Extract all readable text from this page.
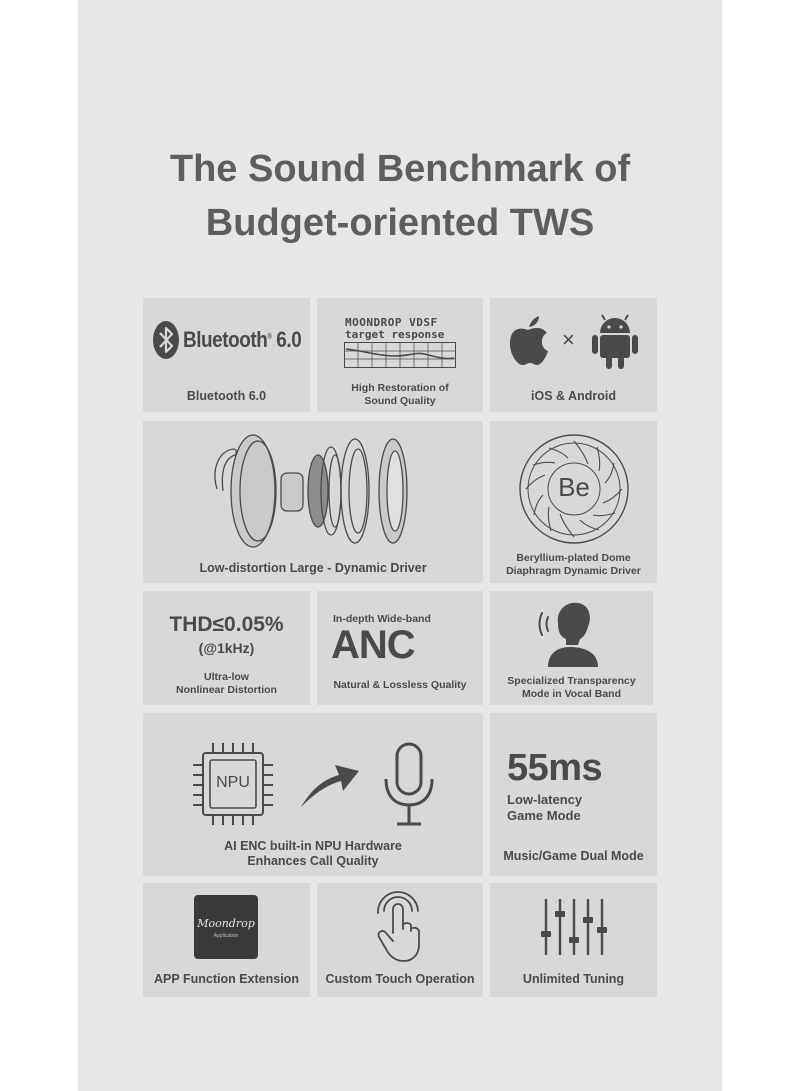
The Sound Benchmark of
Budget-oriented TWS
Bluetooth® 6.0
Bluetooth 6.0
MOONDROP VDSF
target response
High Restoration of
Sound Quality
×
iOS & Android
Low-distortion Large - Dynamic Driver
Be
Beryllium-plated Dome
Diaphragm Dynamic Driver
THD≤0.05%
(@1kHz)
Ultra-low
Nonlinear Distortion
In-depth Wide-band
ANC
Natural & Lossless Quality	Specialized Transparency
Mode in Vocal Band
NPU
AI ENC built-in NPU Hardware
Enhances Call Quality
55ms
Low-latency
Game Mode
Music/Game Dual Mode
Moondrop
Application
APP Function Extension	Custom Touch Operation	Unlimited Tuning
